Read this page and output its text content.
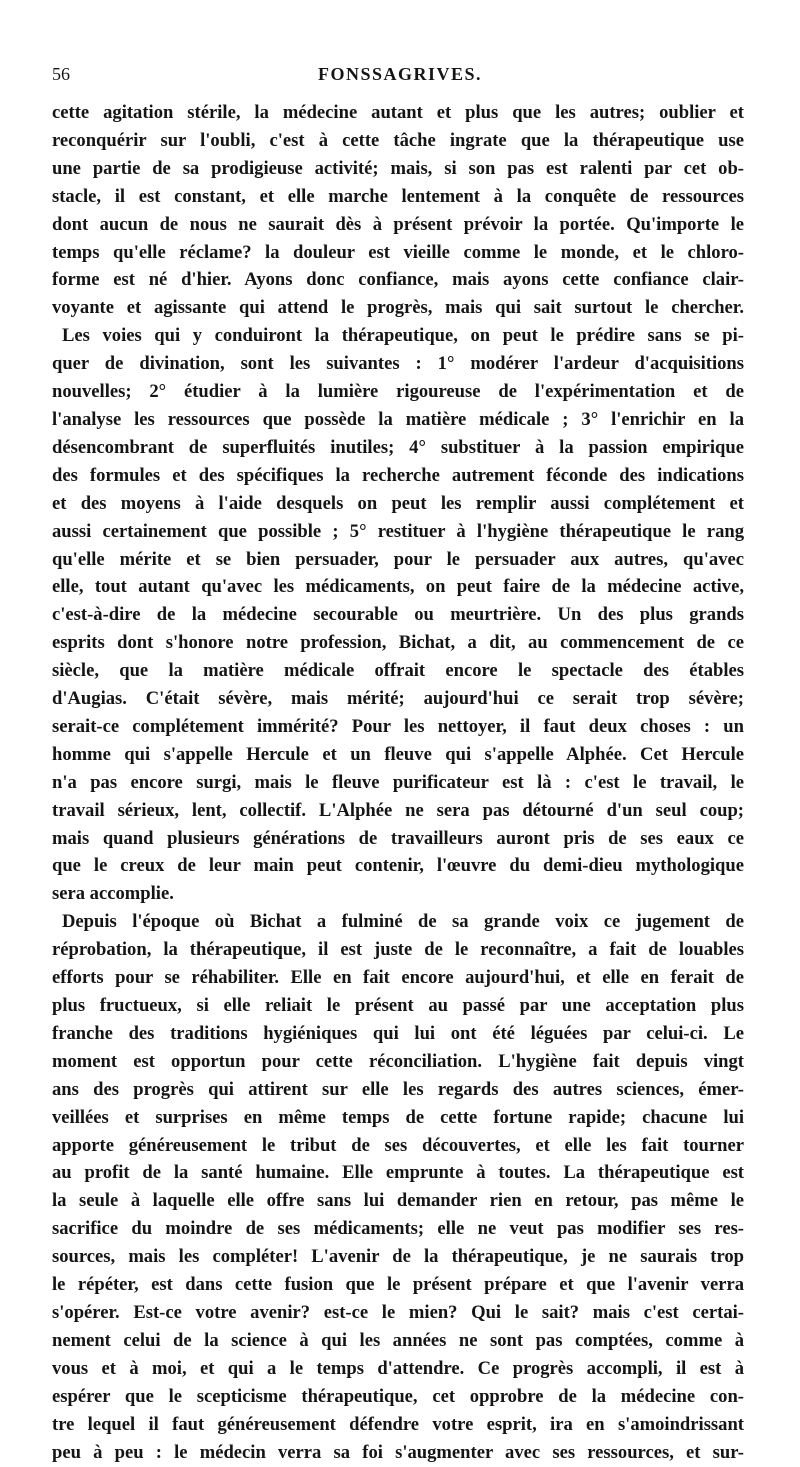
56	FONSSAGRIVES.
cette agitation stérile, la médecine autant et plus que les autres; oublier et
reconquérir sur l'oubli, c'est à cette tâche ingrate que la thérapeutique use
une partie de sa prodigieuse activité; mais, si son pas est ralenti par cet ob-
stacle, il est constant, et elle marche lentement à la conquête de ressources
dont aucun de nous ne saurait dès à présent prévoir la portée. Qu'importe le
temps qu'elle réclame? la douleur est vieille comme le monde, et le chloro-
forme est né d'hier. Ayons donc confiance, mais ayons cette confiance clair-
voyante et agissante qui attend le progrès, mais qui sait surtout le chercher.
Les voies qui y conduiront la thérapeutique, on peut le prédire sans se pi-
quer de divination, sont les suivantes : 1° modérer l'ardeur d'acquisitions
nouvelles; 2° étudier à la lumière rigoureuse de l'expérimentation et de
l'analyse les ressources que possède la matière médicale ; 3° l'enrichir en la
désencombrant de superfluités inutiles; 4° substituer à la passion empirique
des formules et des spécifiques la recherche autrement féconde des indications
et des moyens à l'aide desquels on peut les remplir aussi complétement et
aussi certainement que possible ; 5° restituer à l'hygiène thérapeutique le rang
qu'elle mérite et se bien persuader, pour le persuader aux autres, qu'avec
elle, tout autant qu'avec les médicaments, on peut faire de la médecine active,
c'est-à-dire de la médecine secourable ou meurtrière. Un des plus grands
esprits dont s'honore notre profession, Bichat, a dit, au commencement de ce
siècle, que la matière médicale offrait encore le spectacle des étables
d'Augias. C'était sévère, mais mérité; aujourd'hui ce serait trop sévère;
serait-ce complétement immérité? Pour les nettoyer, il faut deux choses : un
homme qui s'appelle Hercule et un fleuve qui s'appelle Alphée. Cet Hercule
n'a pas encore surgi, mais le fleuve purificateur est là : c'est le travail, le
travail sérieux, lent, collectif. L'Alphée ne sera pas détourné d'un seul coup;
mais quand plusieurs générations de travailleurs auront pris de ses eaux ce
que le creux de leur main peut contenir, l'œuvre du demi-dieu mythologique
sera accomplie.
Depuis l'époque où Bichat a fulminé de sa grande voix ce jugement de
réprobation, la thérapeutique, il est juste de le reconnaître, a fait de louables
efforts pour se réhabiliter. Elle en fait encore aujourd'hui, et elle en ferait de
plus fructueux, si elle reliait le présent au passé par une acceptation plus
franche des traditions hygiéniques qui lui ont été léguées par celui-ci. Le
moment est opportun pour cette réconciliation. L'hygiène fait depuis vingt
ans des progrès qui attirent sur elle les regards des autres sciences, émer-
veillées et surprises en même temps de cette fortune rapide; chacune lui
apporte généreusement le tribut de ses découvertes, et elle les fait tourner
au profit de la santé humaine. Elle emprunte à toutes. La thérapeutique est
la seule à laquelle elle offre sans lui demander rien en retour, pas même le
sacrifice du moindre de ses médicaments; elle ne veut pas modifier ses res-
sources, mais les compléter! L'avenir de la thérapeutique, je ne saurais trop
le répéter, est dans cette fusion que le présent prépare et que l'avenir verra
s'opérer. Est-ce votre avenir? est-ce le mien? Qui le sait? mais c'est certai-
nement celui de la science à qui les années ne sont pas comptées, comme à
vous et à moi, et qui a le temps d'attendre. Ce progrès accompli, il est à
espérer que le scepticisme thérapeutique, cet opprobre de la médecine con-
tre lequel il faut généreusement défendre votre esprit, ira en s'amoindrissant
peu à peu : le médecin verra sa foi s'augmenter avec ses ressources, et sur-
